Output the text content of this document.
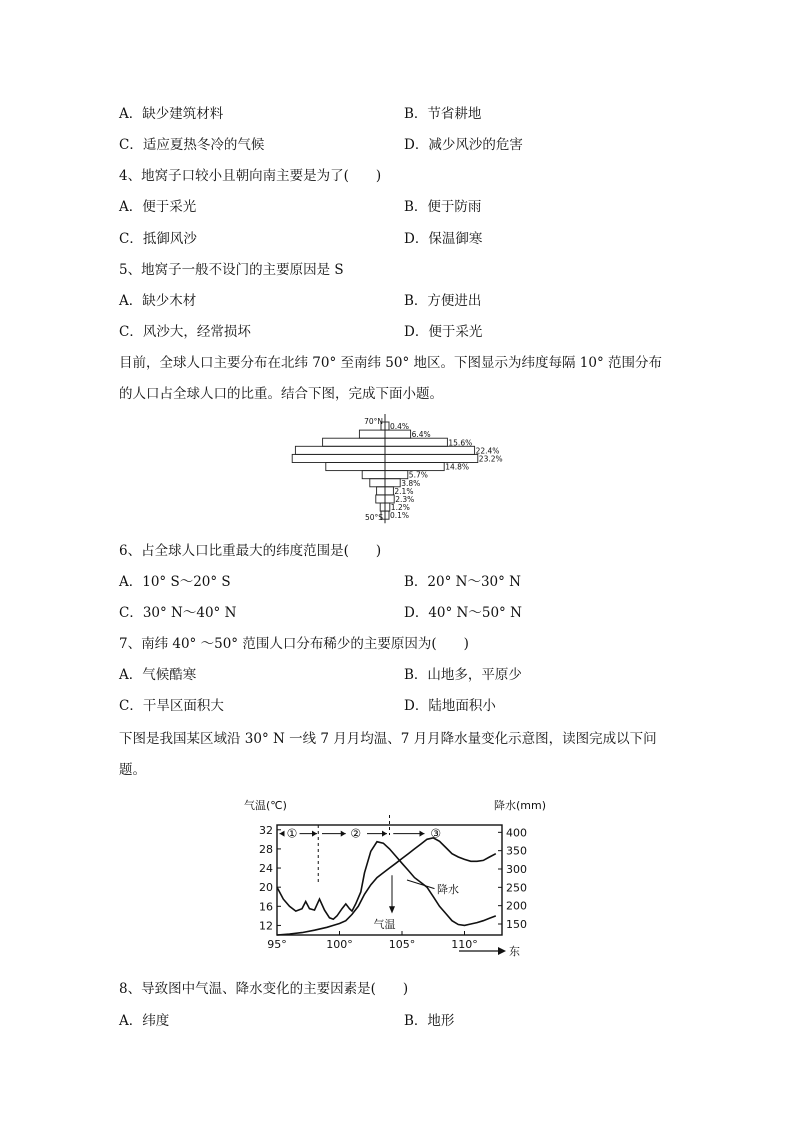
A．缺少建筑材料	B．节省耕地
C．适应夏热冬冷的气候	D．减少风沙的危害
4、地窝子口较小且朝向南主要是为了(　　)
A．便于采光	B．便于防雨
C．抵御风沙	D．保温御寒
5、地窝子一般不设门的主要原因是 S
A．缺少木材	B．方便进出
C．风沙大，经常损坏	D．便于采光
目前，全球人口主要分布在北纬 70° 至南纬 50° 地区。下图显示为纬度每隔 10° 范围分布
的人口占全球人口的比重。结合下图，完成下面小题。
0.4%
6.4%
15.6%
22.4%
23.2%
14.8%
5.7%
3.8%
2.1%
2.3%
1.2%
0.1%
70°N
50°S
6、占全球人口比重最大的纬度范围是(　　)
A．10° S～20° S	B．20° N～30° N
C．30° N～40° N	D．40° N～50° N
7、南纬 40° ～50° 范围人口分布稀少的主要原因为(　　)
A．气候酷寒	B．山地多，平原少
C．干旱区面积大	D．陆地面积小
下图是我国某区域沿 30° N 一线 7 月月均温、7 月月降水量变化示意图，读图完成以下问
题。
气温(℃)	降水(mm)
32
28
24
20
16
12
400
350
300
250
200
150
95°	100°	105°	110°
东
①	②	③
降水
气温
8、导致图中气温、降水变化的主要因素是(　　)
A．纬度	B．地形
